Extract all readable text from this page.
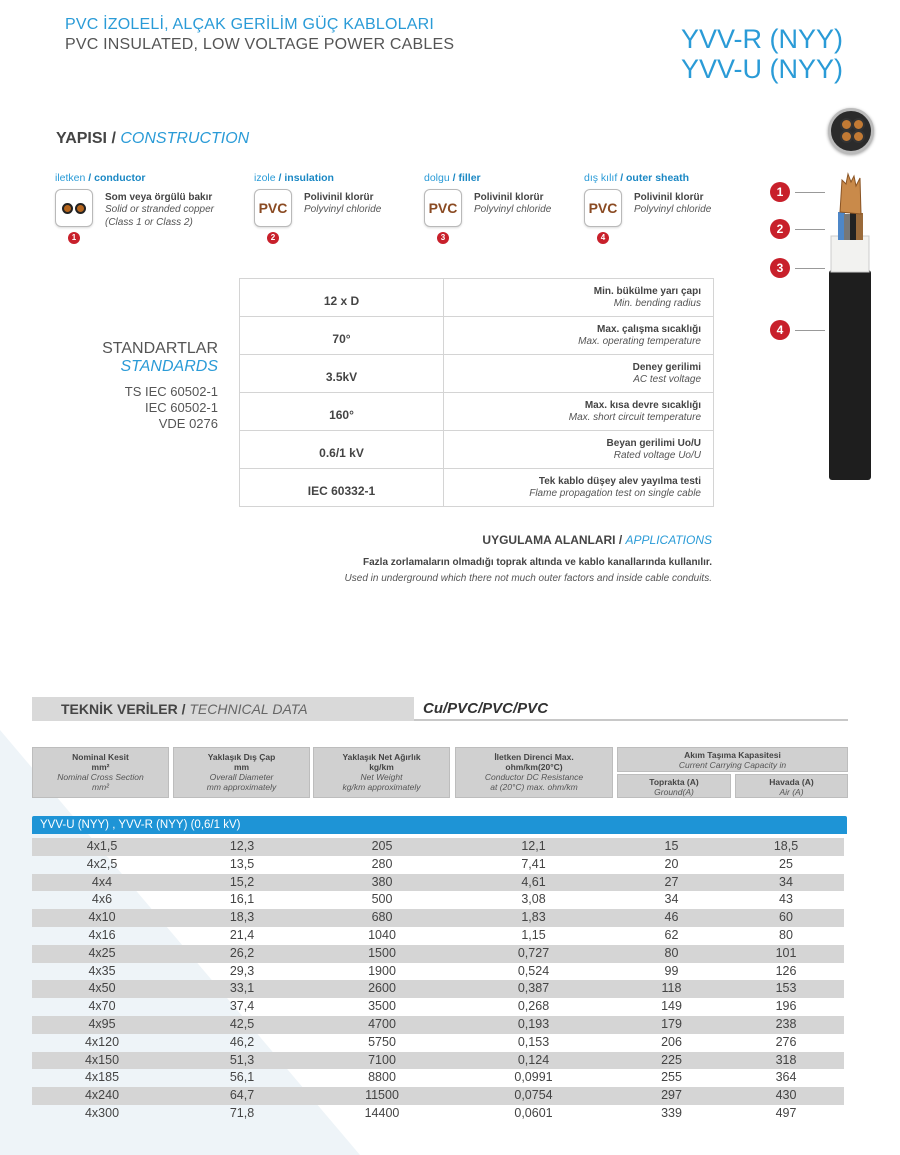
PVC İZOLELİ, ALÇAK GERİLİM GÜÇ KABLOLARI
PVC INSULATED, LOW VOLTAGE POWER CABLES	YVV-R (NYY)
YVV-U (NYY)
YAPISI / CONSTRUCTION
iletken / conductor
Som veya örgülü bakır
Solid or stranded copper (Class 1 or Class 2)
1
izole / insulation
PVC
Polivinil klorür
Polyvinyl chloride
2
dolgu / filler
PVC
Polivinil klorür
Polyvinyl chloride
3
dış kılıf / outer sheath
PVC
Polivinil klorür
Polyvinyl chloride
4
STANDARTLAR
STANDARDS
TS IEC 60502-1
IEC 60502-1
VDE 0276
12 x D	Min. bükülme yarı çapı
Min. bending radius

70°	Max. çalışma sıcaklığı
Max. operating temperature

3.5kV	Deney gerilimi
AC test voltage

160°	Max. kısa devre sıcaklığı
Max. short circuit temperature

0.6/1 kV	Beyan gerilimi Uo/U
Rated voltage Uo/U

IEC 60332-1	Tek kablo düşey alev yayılma testi
Flame propagation test on single cable
UYGULAMA ALANLARI / APPLICATIONS
Fazla zorlamaların olmadığı toprak altında ve kablo kanallarında kullanılır.
Used in underground which there not much outer factors and inside cable conduits.
1
2
3
4
TEKNİK VERİLER / TECHNICAL DATA	Cu/PVC/PVC/PVC
Nominal Kesit
mm²
Nominal Cross Section
mm²
Yaklaşık Dış Çap
mm
Overall Diameter
mm approximately
Yaklaşık Net Ağırlık
kg/km
Net Weight
kg/km approximately
İletken Direnci Max.
ohm/km(20°C)
Conductor DC Resistance
at (20°C) max. ohm/km
Akım Taşıma Kapasitesi
Current Carrying Capacity in
Toprakta (A)
Ground(A)
Havada (A)
Air (A)
YVV-U (NYY) , YVV-R (NYY) (0,6/1 kV)
4x1,5	12,3	205	12,1	15	18,5
4x2,5	13,5	280	7,41	20	25
4x4	15,2	380	4,61	27	34
4x6	16,1	500	3,08	34	43
4x10	18,3	680	1,83	46	60
4x16	21,4	1040	1,15	62	80
4x25	26,2	1500	0,727	80	101
4x35	29,3	1900	0,524	99	126
4x50	33,1	2600	0,387	118	153
4x70	37,4	3500	0,268	149	196
4x95	42,5	4700	0,193	179	238
4x120	46,2	5750	0,153	206	276
4x150	51,3	7100	0,124	225	318
4x185	56,1	8800	0,0991	255	364
4x240	64,7	11500	0,0754	297	430
4x300	71,8	14400	0,0601	339	497
